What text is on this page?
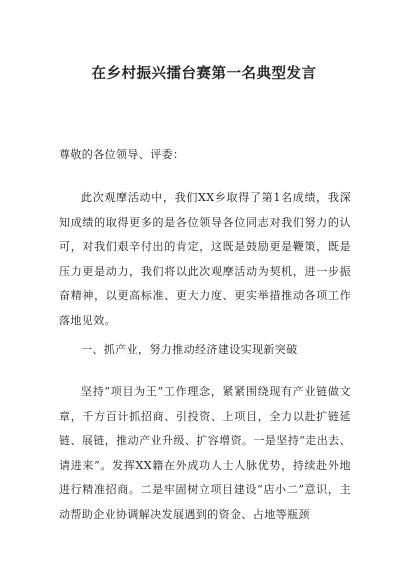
在乡村振兴擂台赛第一名典型发言

尊敬的各位领导、评委：

此次观摩活动中，我们XX乡取得了第1名成绩，我深知成绩的取得更多的是各位领导各位同志对我们努力的认可，对我们艰辛付出的肯定，这既是鼓励更是鞭策，既是压力更是动力，我们将以此次观摩活动为契机，进一步振奋精神，以更高标准、更大力度、更实举措推动各项工作落地见效。

一、抓产业，努力推动经济建设实现新突破

坚持“项目为王”工作理念，紧紧围绕现有产业链做文章，千方百计抓招商、引投资、上项目，全力以赴扩链延链、展链，推动产业升级、扩容增资。一是坚持“走出去、请进来”。发挥XX籍在外成功人士人脉优势，持续赴外地进行精准招商。二是牢固树立项目建设“店小二”意识，主动帮助企业协调解决发展遇到的资金、占地等瓶颈
